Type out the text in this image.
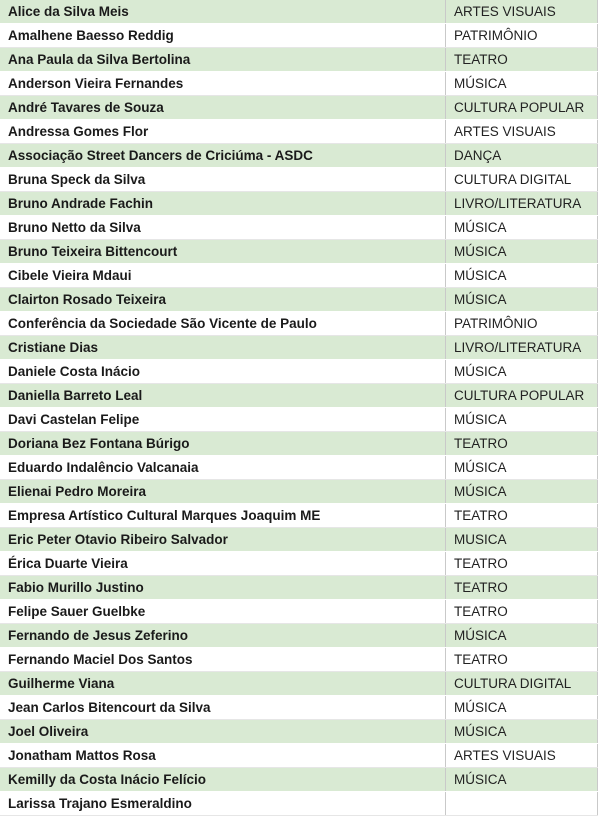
Alice da Silva Meis	ARTES VISUAIS
Amalhene Baesso Reddig	PATRIMÔNIO
Ana Paula da Silva Bertolina	TEATRO
Anderson Vieira Fernandes	MÚSICA
André Tavares de Souza	CULTURA POPULAR
Andressa Gomes Flor	ARTES VISUAIS
Associação Street Dancers de Criciúma - ASDC	DANÇA
Bruna Speck da Silva	CULTURA DIGITAL
Bruno Andrade Fachin	LIVRO/LITERATURA
Bruno Netto da Silva	MÚSICA
Bruno Teixeira Bittencourt	MÚSICA
Cibele Vieira Mdaui	MÚSICA
Clairton Rosado Teixeira	MÚSICA
Conferência da Sociedade São Vicente de Paulo	PATRIMÔNIO
Cristiane Dias	LIVRO/LITERATURA
Daniele Costa Inácio	MÚSICA
Daniella Barreto Leal	CULTURA POPULAR
Davi Castelan Felipe	MÚSICA
Doriana Bez Fontana Búrigo	TEATRO
Eduardo Indalêncio Valcanaia	MÚSICA
Elienai Pedro Moreira	MÚSICA
Empresa Artístico Cultural Marques Joaquim ME	TEATRO
Eric Peter Otavio Ribeiro Salvador	MUSICA
Érica Duarte Vieira	TEATRO
Fabio Murillo Justino	TEATRO
Felipe Sauer Guelbke	TEATRO
Fernando de Jesus Zeferino	MÚSICA
Fernando Maciel Dos Santos	TEATRO
Guilherme Viana	CULTURA DIGITAL
Jean Carlos Bitencourt da Silva	MÚSICA
Joel Oliveira	MÚSICA
Jonatham Mattos Rosa	ARTES VISUAIS
Kemilly da Costa Inácio Felício	MÚSICA
Larissa Trajano Esmeraldino	
